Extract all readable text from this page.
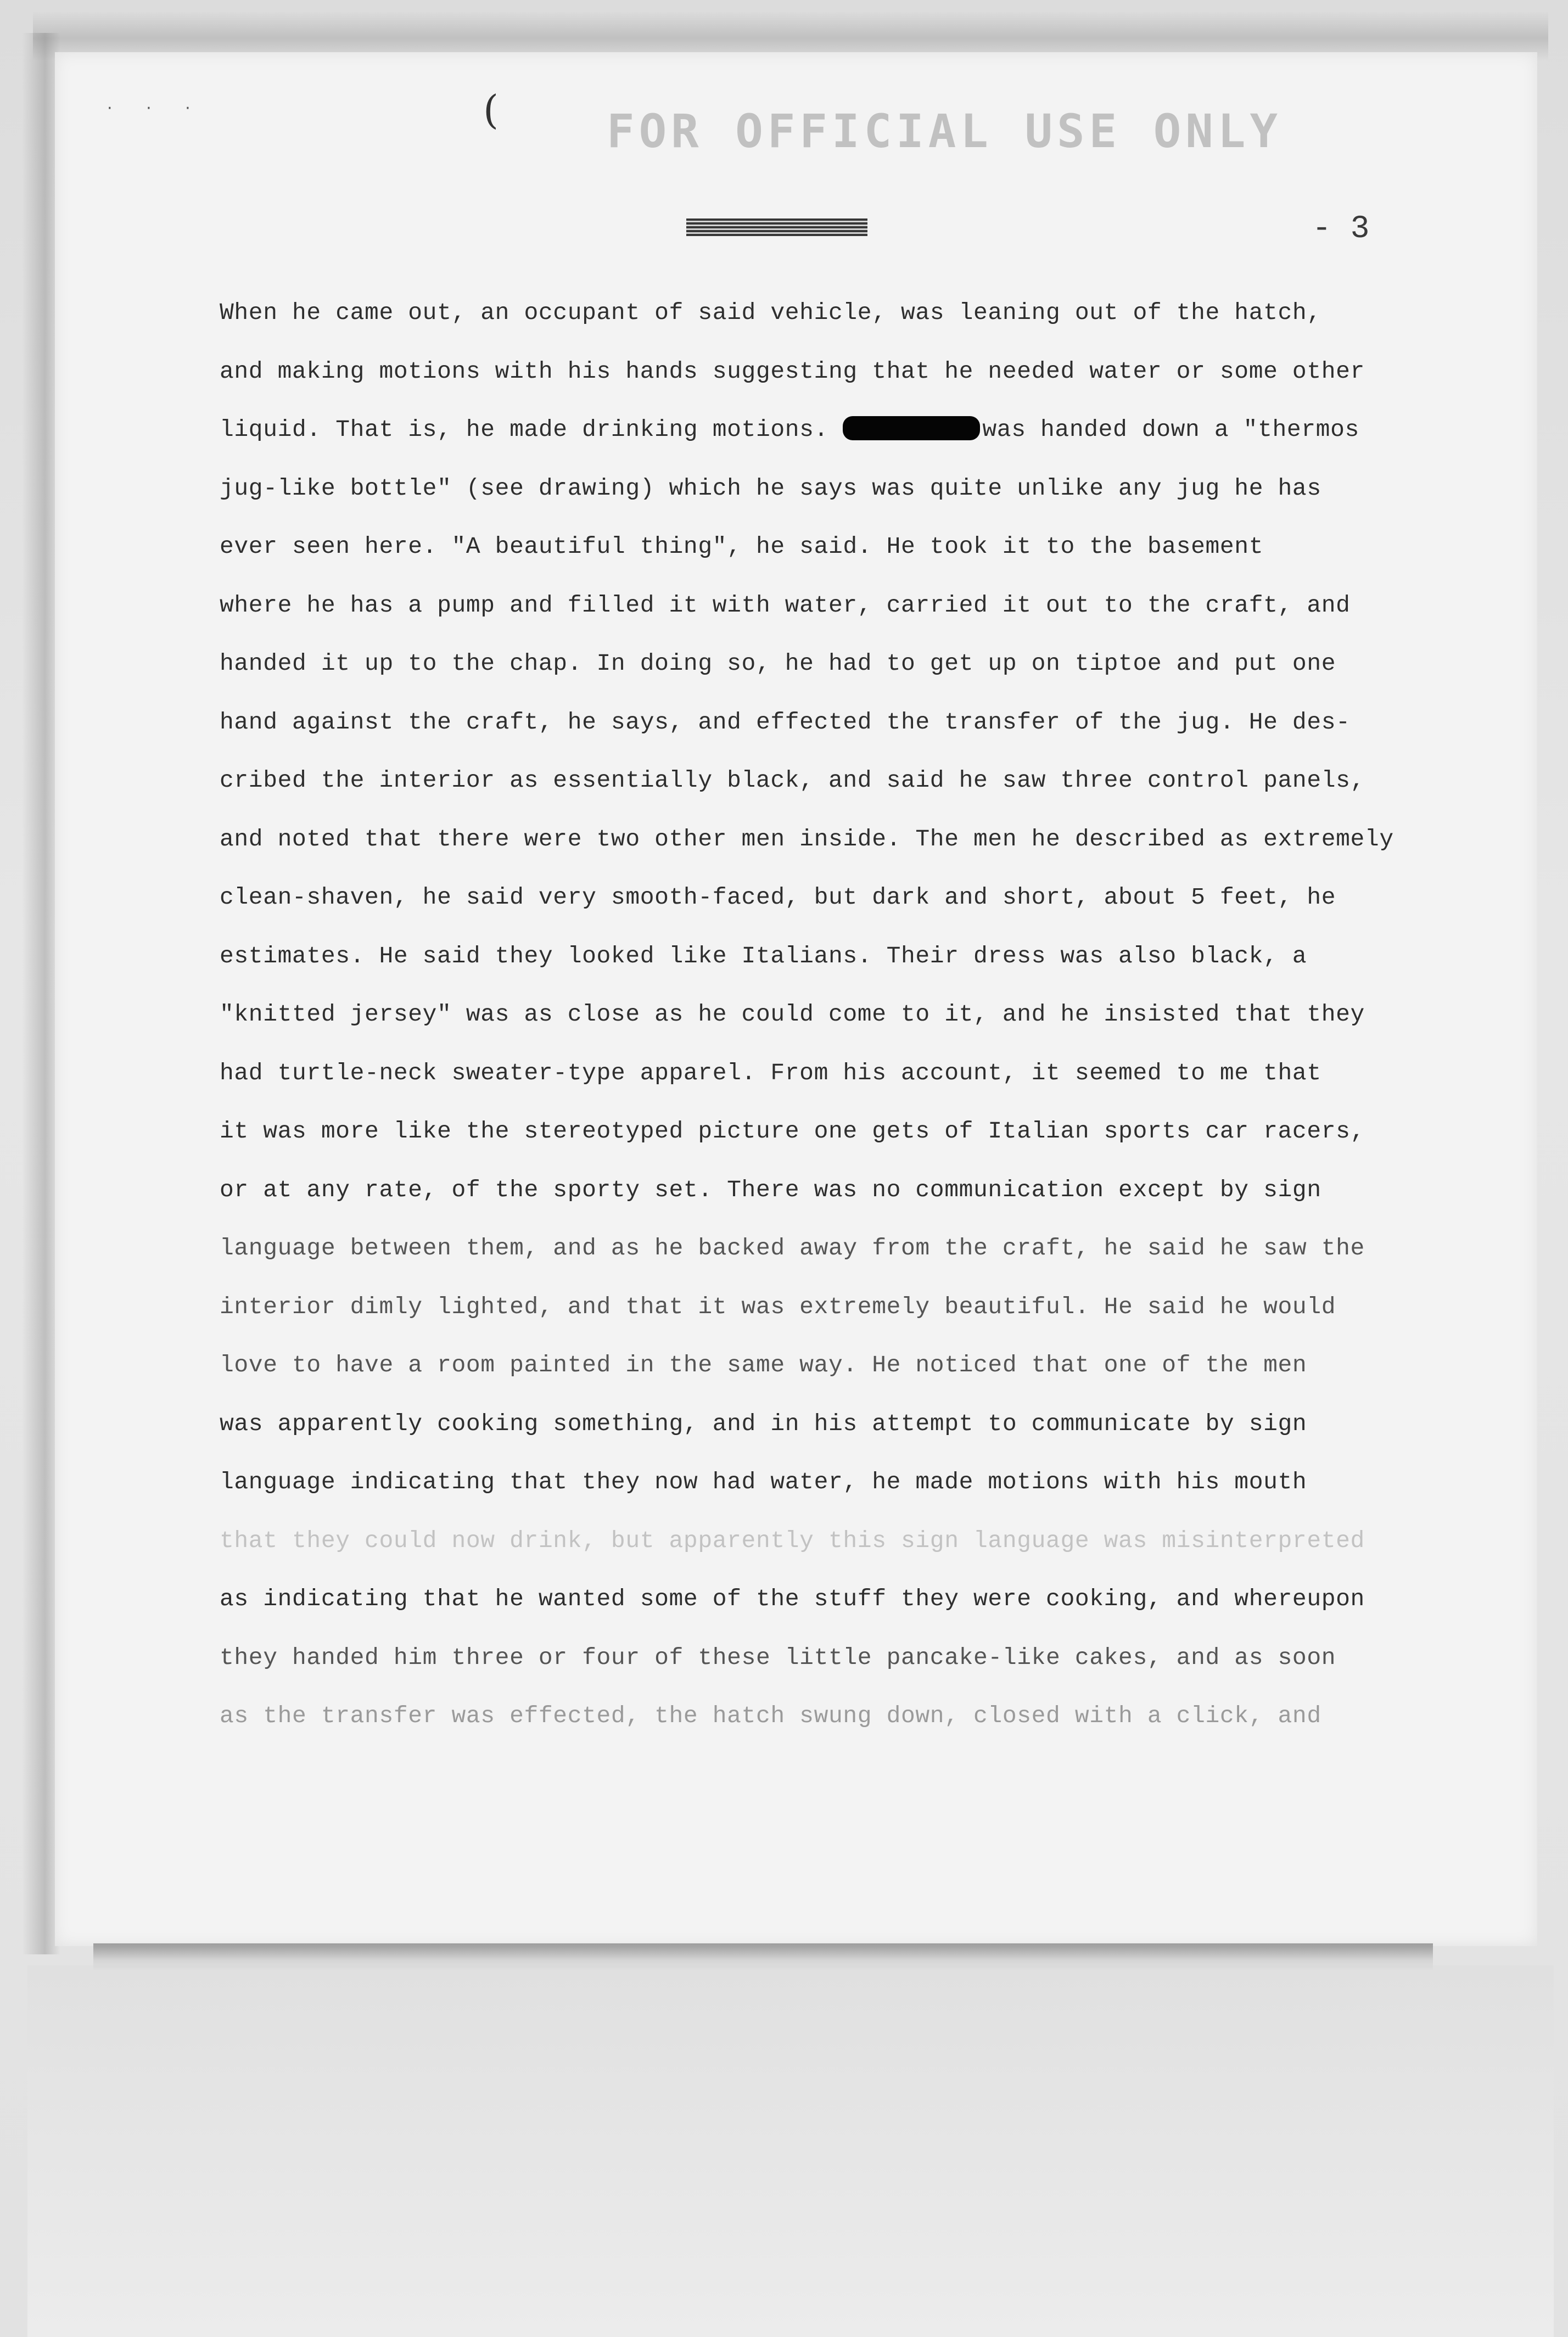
· · ·	( FOR OFFICIAL USE ONLY
- 3
When he came out, an occupant of said vehicle, was leaning out of the hatch,
and making motions with his hands suggesting that he needed water or some other
liquid. That is, he made drinking motions.	was handed down a "thermos
jug-like bottle" (see drawing) which he says was quite unlike any jug he has
ever seen here. "A beautiful thing", he said. He took it to the basement
where he has a pump and filled it with water, carried it out to the craft, and
handed it up to the chap. In doing so, he had to get up on tiptoe and put one
hand against the craft, he says, and effected the transfer of the jug. He des-
cribed the interior as essentially black, and said he saw three control panels,
and noted that there were two other men inside. The men he described as extremely
clean-shaven, he said very smooth-faced, but dark and short, about 5 feet, he
estimates. He said they looked like Italians. Their dress was also black, a
"knitted jersey" was as close as he could come to it, and he insisted that they
had turtle-neck sweater-type apparel. From his account, it seemed to me that
it was more like the stereotyped picture one gets of Italian sports car racers,
or at any rate, of the sporty set. There was no communication except by sign
language between them, and as he backed away from the craft, he said he saw the
interior dimly lighted, and that it was extremely beautiful. He said he would
love to have a room painted in the same way. He noticed that one of the men
was apparently cooking something, and in his attempt to communicate by sign
language indicating that they now had water, he made motions with his mouth
that they could now drink, but apparently this sign language was misinterpreted
as indicating that he wanted some of the stuff they were cooking, and whereupon
they handed him three or four of these little pancake-like cakes, and as soon
as the transfer was effected, the hatch swung down, closed with a click, and
